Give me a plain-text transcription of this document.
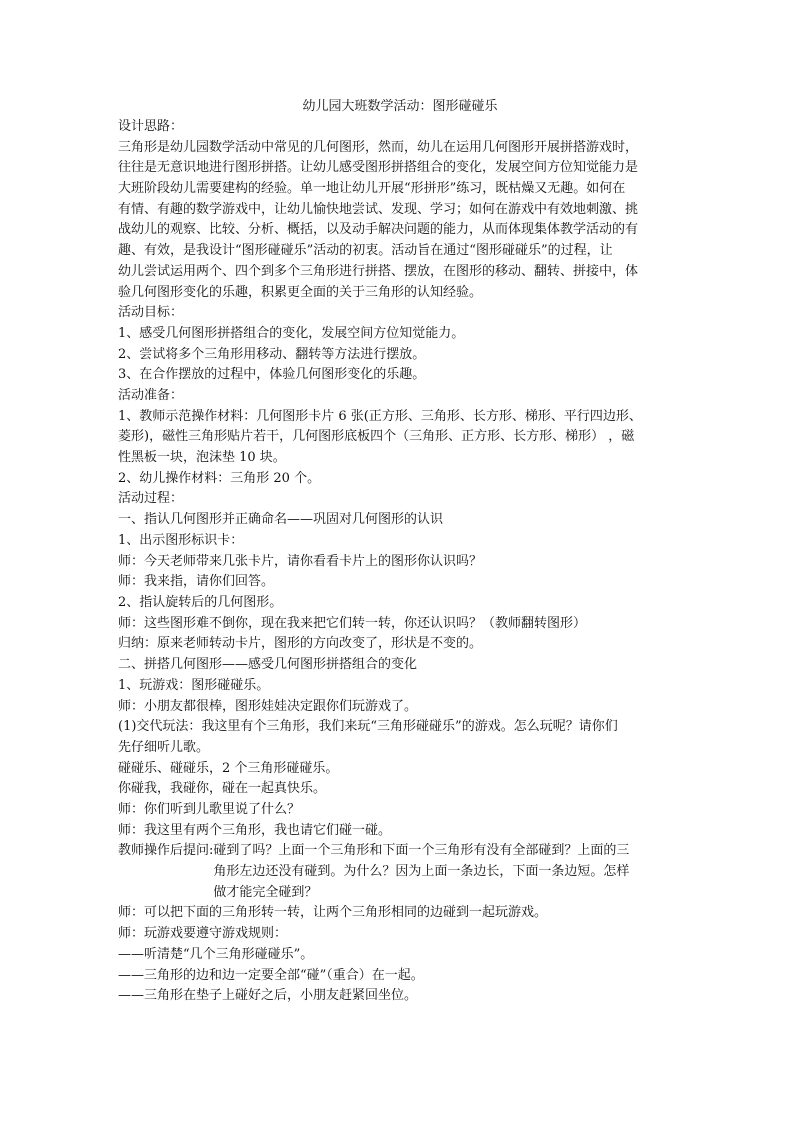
幼儿园大班数学活动：图形碰碰乐
设计思路：
三角形是幼儿园数学活动中常见的几何图形，然而，幼儿在运用几何图形开展拼搭游戏时，
往往是无意识地进行图形拼搭。让幼儿感受图形拼搭组合的变化，发展空间方位知觉能力是
大班阶段幼儿需要建构的经验。单一地让幼儿开展“形拼形”练习，既枯燥又无趣。如何在
有情、有趣的数学游戏中，让幼儿愉快地尝试、发现、学习；如何在游戏中有效地刺激、挑
战幼儿的观察、比较、分析、概括，以及动手解决问题的能力，从而体现集体教学活动的有
趣、有效，是我设计“图形碰碰乐”活动的初衷。活动旨在通过“图形碰碰乐”的过程，让
幼儿尝试运用两个、四个到多个三角形进行拼搭、摆放，在图形的移动、翻转、拼接中，体
验几何图形变化的乐趣，积累更全面的关于三角形的认知经验。
活动目标：
1、感受几何图形拼搭组合的变化，发展空间方位知觉能力。
2、尝试将多个三角形用移动、翻转等方法进行摆放。
3、在合作摆放的过程中，体验几何图形变化的乐趣。
活动准备：
1、教师示范操作材料：几何图形卡片 6 张(正方形、三角形、长方形、梯形、平行四边形、
菱形)，磁性三角形贴片若干，几何图形底板四个（三角形、正方形、长方形、梯形） ，磁
性黑板一块，泡沫垫 10 块。
2、幼儿操作材料：三角形 20 个。
活动过程：
一、指认几何图形并正确命名——巩固对几何图形的认识
1、出示图形标识卡：
师：今天老师带来几张卡片，请你看看卡片上的图形你认识吗？
师：我来指，请你们回答。
2、指认旋转后的几何图形。
师：这些图形难不倒你，现在我来把它们转一转，你还认识吗？（教师翻转图形）
归纳：原来老师转动卡片，图形的方向改变了，形状是不变的。
二、拼搭几何图形——感受几何图形拼搭组合的变化
1、玩游戏：图形碰碰乐。
师：小朋友都很棒，图形娃娃决定跟你们玩游戏了。
(1)交代玩法：我这里有个三角形，我们来玩“三角形碰碰乐”的游戏。怎么玩呢？请你们
先仔细听儿歌。
碰碰乐、碰碰乐，2 个三角形碰碰乐。
你碰我，我碰你，碰在一起真快乐。
师：你们听到儿歌里说了什么？
师：我这里有两个三角形，我也请它们碰一碰。
教师操作后提问: 碰到了吗？上面一个三角形和下面一个三角形有没有全部碰到？上面的三
角形左边还没有碰到。为什么？因为上面一条边长，下面一条边短。怎样
做才能完全碰到？
师：可以把下面的三角形转一转，让两个三角形相同的边碰到一起玩游戏。
师：玩游戏要遵守游戏规则：
——听清楚“几个三角形碰碰乐”。
——三角形的边和边一定要全部“碰”（重合）在一起。
——三角形在垫子上碰好之后，小朋友赶紧回坐位。
